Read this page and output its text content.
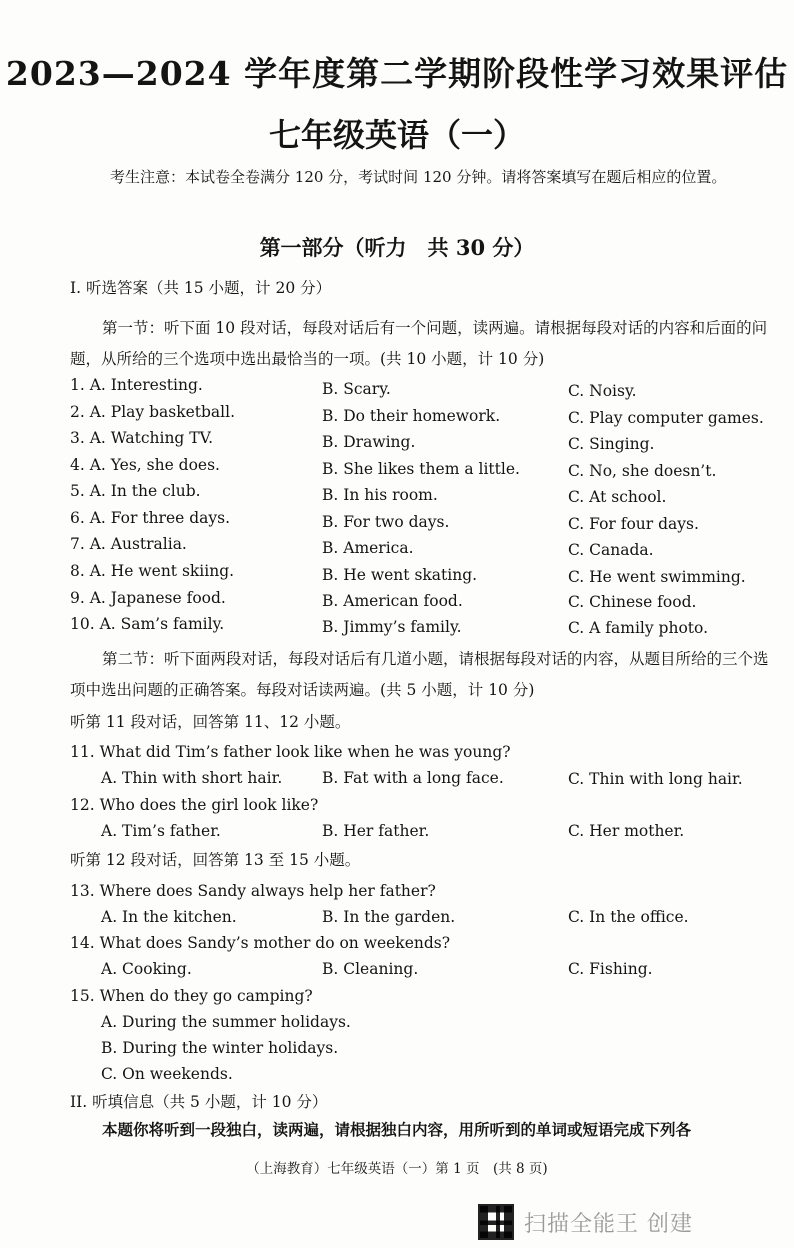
2023—2024 学年度第二学期阶段性学习效果评估
七年级英语（一）
考生注意：本试卷全卷满分 120 分，考试时间 120 分钟。请将答案填写在题后相应的位置。
第一部分（听力　共 30 分）
I. 听选答案（共 15 小题，计 20 分）
第一节：听下面 10 段对话，每段对话后有一个问题，读两遍。请根据每段对话的内容和后面的问题，从所给的三个选项中选出最恰当的一项。(共 10 小题，计 10 分)
1. A. Interesting.	B. Scary.	C. Noisy.
2. A. Play basketball.	B. Do their homework.	C. Play computer games.
3. A. Watching TV.	B. Drawing.	C. Singing.
4. A. Yes, she does.	B. She likes them a little.	C. No, she doesn’t.
5. A. In the club.	B. In his room.	C. At school.
6. A. For three days.	B. For two days.	C. For four days.
7. A. Australia.	B. America.	C. Canada.
8. A. He went skiing.	B. He went skating.	C. He went swimming.
9. A. Japanese food.	B. American food.	C. Chinese food.
10. A. Sam’s family.	B. Jimmy’s family.	C. A family photo.
第二节：听下面两段对话，每段对话后有几道小题，请根据每段对话的内容，从题目所给的三个选项中选出问题的正确答案。每段对话读两遍。(共 5 小题，计 10 分)
听第 11 段对话，回答第 11、12 小题。
11. What did Tim’s father look like when he was young?
A. Thin with short hair.	B. Fat with a long face.	C. Thin with long hair.
12. Who does the girl look like?
A. Tim’s father.	B. Her father.	C. Her mother.
听第 12 段对话，回答第 13 至 15 小题。
13. Where does Sandy always help her father?
A. In the kitchen.	B. In the garden.	C. In the office.
14. What does Sandy’s mother do on weekends?
A. Cooking.	B. Cleaning.	C. Fishing.
15. When do they go camping?
A. During the summer holidays.
B. During the winter holidays.
C. On weekends.
II. 听填信息（共 5 小题，计 10 分）
本题你将听到一段独白，读两遍，请根据独白内容，用所听到的单词或短语完成下列各
（上海教育）七年级英语（一）第 1 页　(共 8 页)
扫描全能王 创建
